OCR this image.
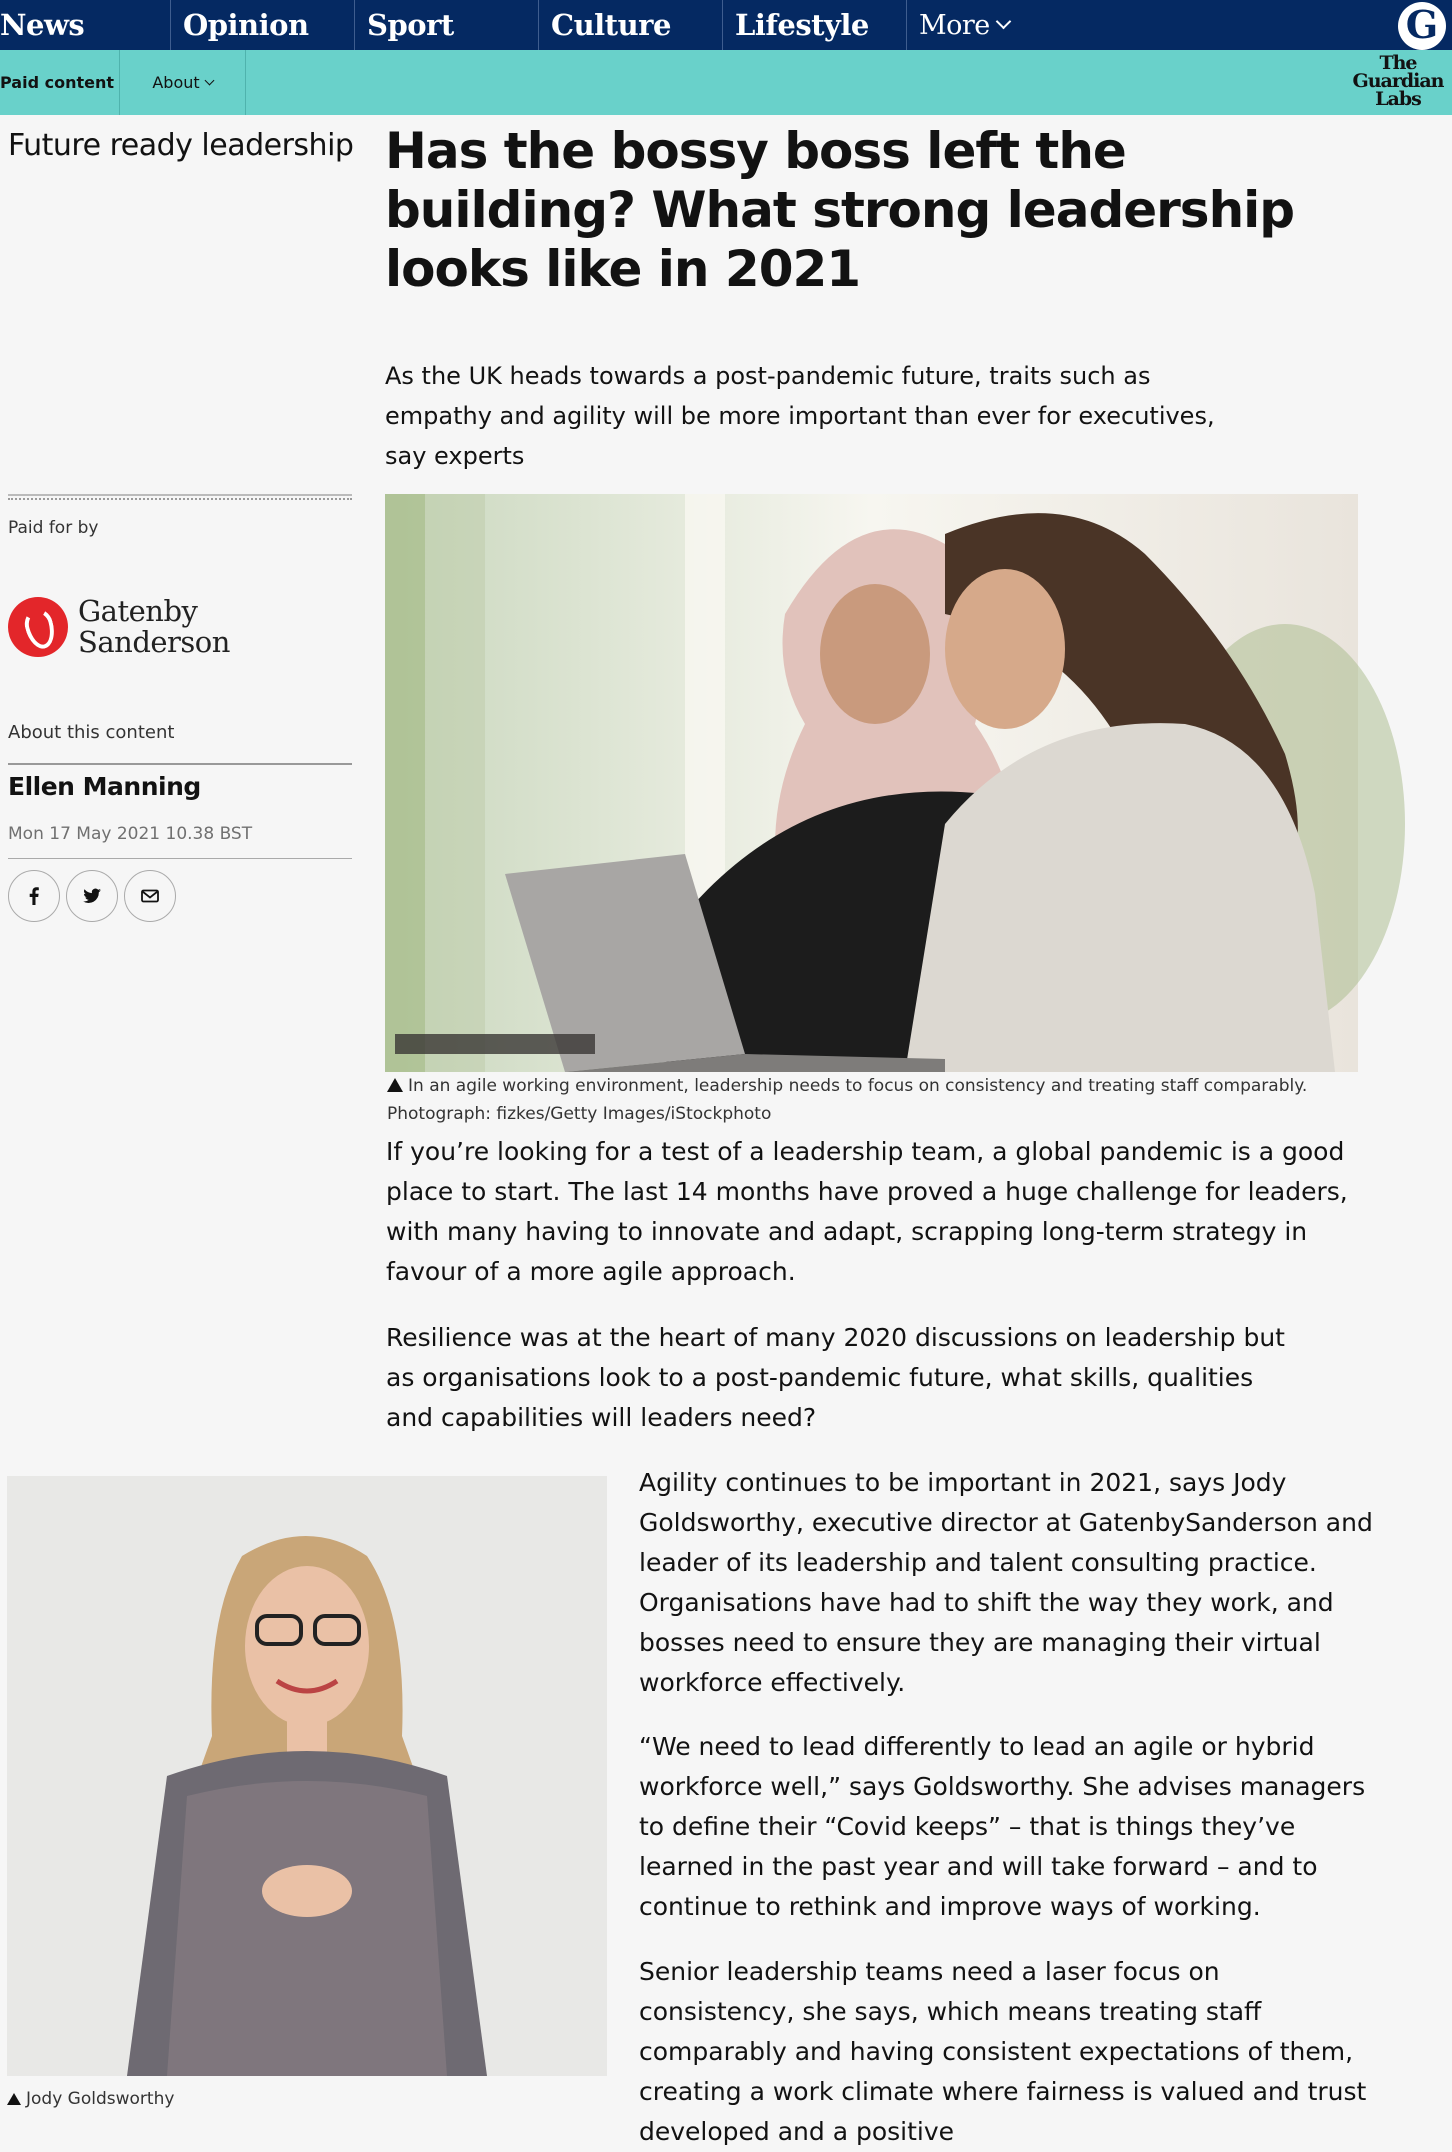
News	Opinion	Sport	Culture	Lifestyle	More	G
Paid content	About
The
Guardian
Labs
Future ready leadership
Paid for by
Gatenby
Sanderson
About this content
Ellen Manning
Mon 17 May 2021 10.38 BST
Has the bossy boss left the building? What strong leadership looks like in 2021

As the UK heads towards a post-pandemic future, traits such as empathy and agility will be more important than ever for executives, say experts

In an agile working environment, leadership needs to focus on consistency and treating staff comparably.
Photograph: fizkes/Getty Images/iStockphoto

If you’re looking for a test of a leadership team, a global pandemic is a good place to start. The last 14 months have proved a huge challenge for leaders, with many having to innovate and adapt, scrapping long-term strategy in favour of a more agile approach.

Resilience was at the heart of many 2020 discussions on leadership but as organisations look to a post-pandemic future, what skills, qualities and capabilities will leaders need?

Jody Goldsworthy

Agility continues to be important in 2021, says Jody Goldsworthy, executive director at GatenbySanderson and leader of its leadership and talent consulting practice. Organisations have had to shift the way they work, and bosses need to ensure they are managing their virtual workforce effectively.

“We need to lead differently to lead an agile or hybrid workforce well,” says Goldsworthy. She advises managers to define their “Covid keeps” – that is things they’ve learned in the past year and will take forward – and to continue to rethink and improve ways of working.

Senior leadership teams need a laser focus on consistency, she says, which means treating staff comparably and having consistent expectations of them, creating a work climate where fairness is valued and trust developed and a positive
